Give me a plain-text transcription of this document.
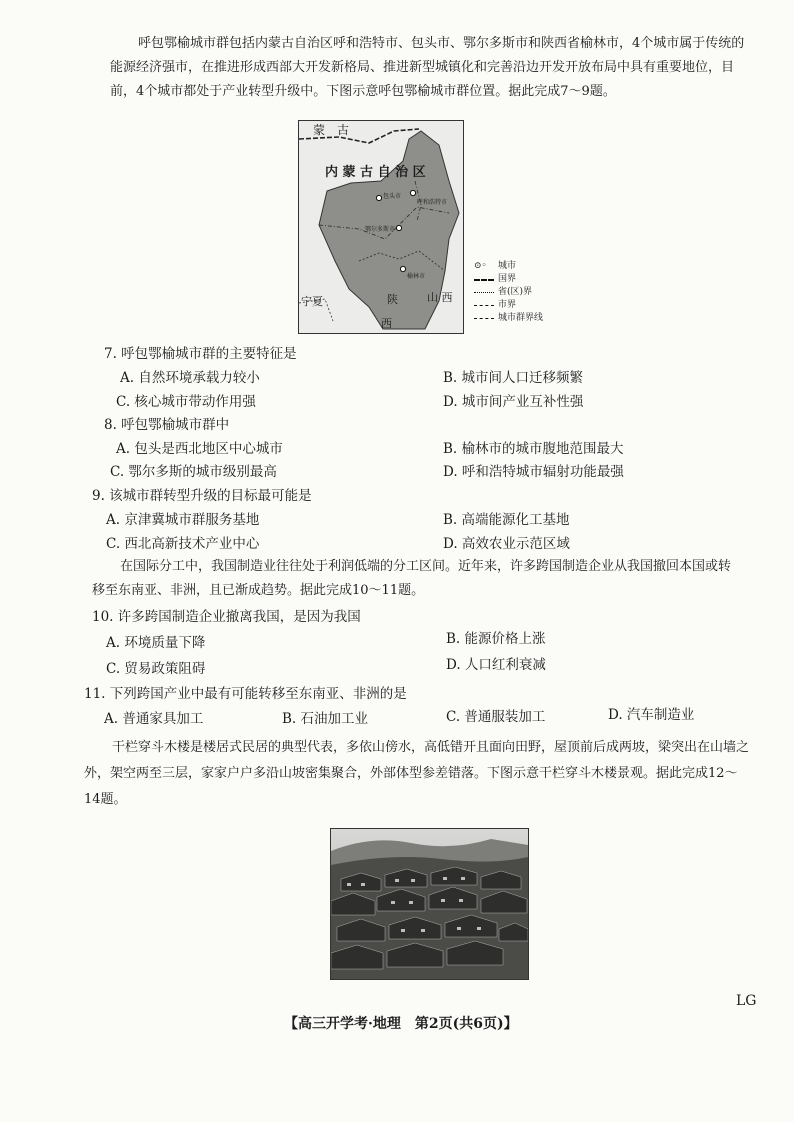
呼包鄂榆城市群包括内蒙古自治区呼和浩特市、包头市、鄂尔多斯市和陕西省榆林市，4个城市属于传统的能源经济强市，在推进形成西部大开发新格局、推进新型城镇化和完善沿边开发开放布局中具有重要地位，目前，4个城市都处于产业转型升级中。下图示意呼包鄂榆城市群位置。据此完成7～9题。
蒙　古
内 蒙 古 自 治 区
包头市
呼和浩特市
鄂尔多斯市
榆林市
宁夏	陕
西
山 西
⊙◦	城市
国界
省(区)界
市界
城市群界线
7. 呼包鄂榆城市群的主要特征是
A. 自然环境承载力较小	B. 城市间人口迁移频繁
C. 核心城市带动作用强	D. 城市间产业互补性强
8. 呼包鄂榆城市群中
A. 包头是西北地区中心城市	B. 榆林市的城市腹地范围最大
C. 鄂尔多斯的城市级别最高	D. 呼和浩特城市辐射功能最强
9. 该城市群转型升级的目标最可能是
A. 京津冀城市群服务基地	B. 高端能源化工基地
C. 西北高新技术产业中心	D. 高效农业示范区域
在国际分工中，我国制造业往往处于利润低端的分工区间。近年来，许多跨国制造企业从我国撤回本国或转移至东南亚、非洲，且已渐成趋势。据此完成10～11题。
10. 许多跨国制造企业撤离我国，是因为我国
A. 环境质量下降	B. 能源价格上涨
C. 贸易政策阻碍	D. 人口红利衰减
11. 下列跨国产业中最有可能转移至东南亚、非洲的是
A. 普通家具加工	B. 石油加工业	C. 普通服装加工	D. 汽车制造业
干栏穿斗木楼是楼居式民居的典型代表，多依山傍水，高低错开且面向田野，屋顶前后成两坡，梁突出在山墙之外，架空两至三层，家家户户多沿山坡密集聚合，外部体型参差错落。下图示意干栏穿斗木楼景观。据此完成12～14题。
LG
【高三开学考·地理　第2页(共6页)】
